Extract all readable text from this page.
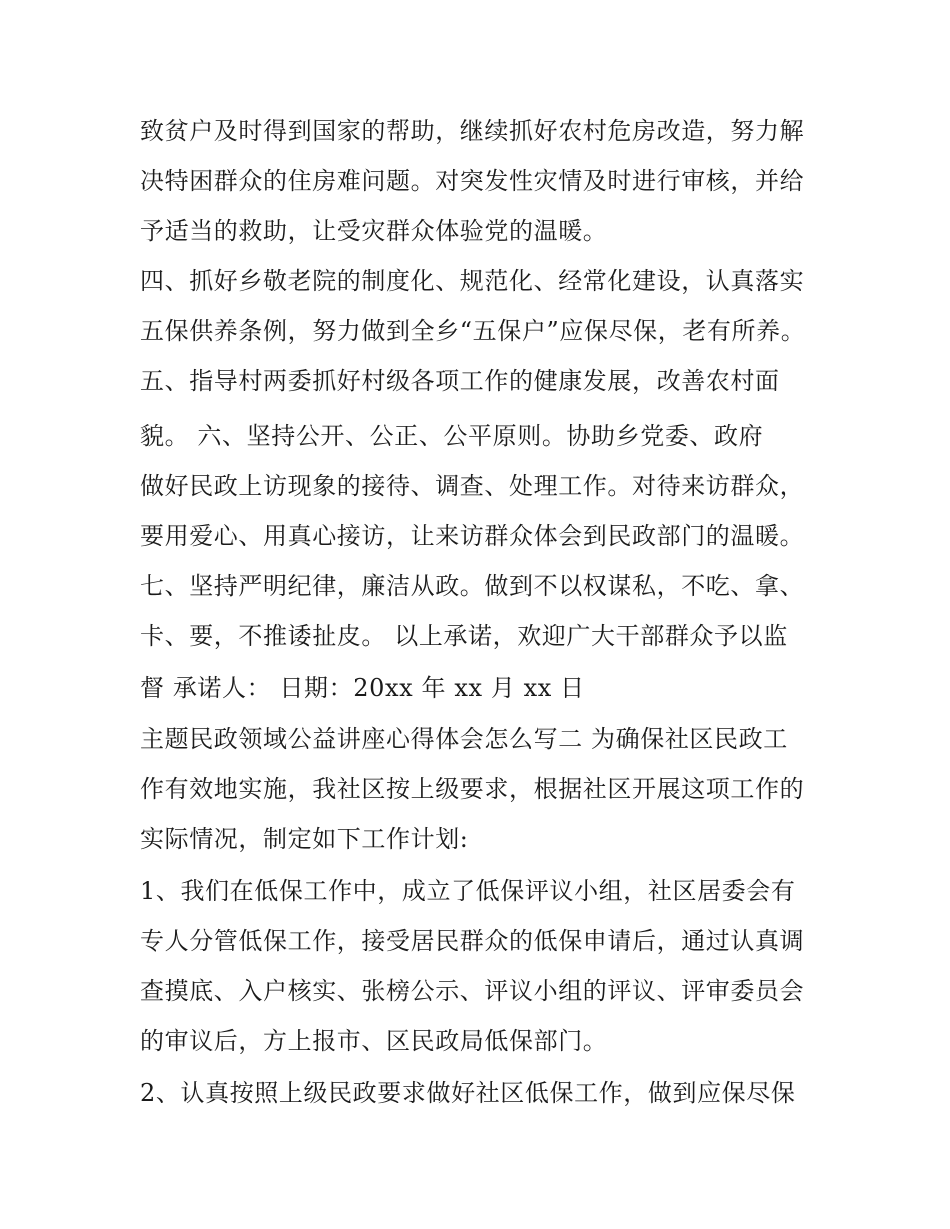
致贫户及时得到国家的帮助，继续抓好农村危房改造，努力解
决特困群众的住房难问题。对突发性灾情及时进行审核，并给
予适当的救助，让受灾群众体验党的温暖。
四、抓好乡敬老院的制度化、规范化、经常化建设，认真落实
五保供养条例，努力做到全乡“五保户”应保尽保，老有所养。
五、指导村两委抓好村级各项工作的健康发展，改善农村面
貌。 六、坚持公开、公正、公平原则。协助乡党委、政府
做好民政上访现象的接待、调查、处理工作。对待来访群众，
要用爱心、用真心接访，让来访群众体会到民政部门的温暖。
七、坚持严明纪律，廉洁从政。做到不以权谋私，不吃、拿、
卡、要，不推诿扯皮。 以上承诺，欢迎广大干部群众予以监
督 承诺人： 日期：20xx 年 xx 月 xx 日
主题民政领域公益讲座心得体会怎么写二 为确保社区民政工
作有效地实施，我社区按上级要求，根据社区开展这项工作的
实际情况，制定如下工作计划:
1、我们在低保工作中，成立了低保评议小组，社区居委会有
专人分管低保工作，接受居民群众的低保申请后，通过认真调
查摸底、入户核实、张榜公示、评议小组的评议、评审委员会
的审议后，方上报市、区民政局低保部门。
2、认真按照上级民政要求做好社区低保工作，做到应保尽保
